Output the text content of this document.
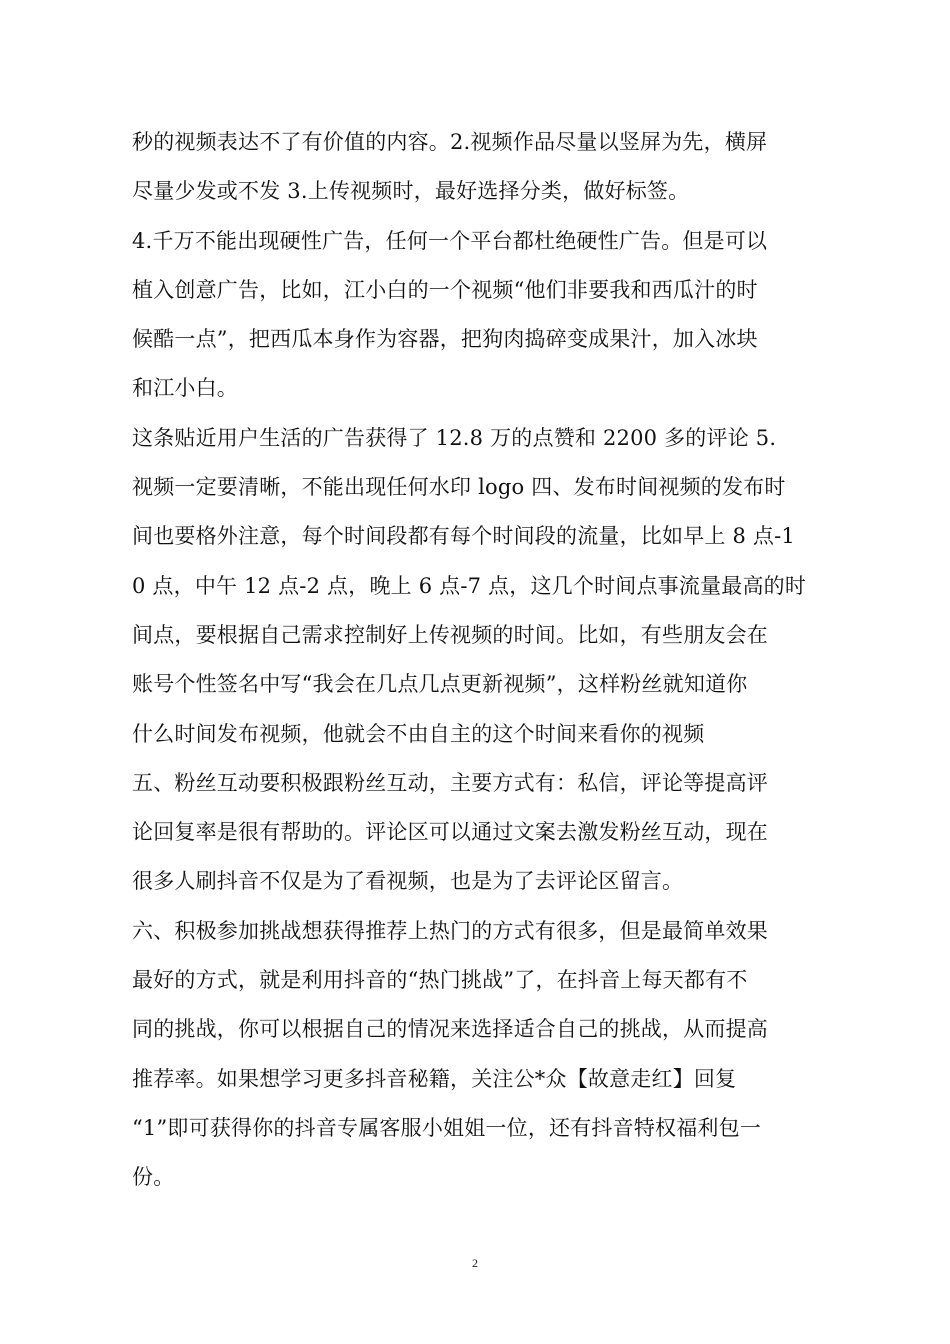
秒的视频表达不了有价值的内容。2.视频作品尽量以竖屏为先，横屏
尽量少发或不发 3.上传视频时，最好选择分类，做好标签。
4.千万不能出现硬性广告，任何一个平台都杜绝硬性广告。但是可以
植入创意广告，比如，江小白的一个视频“他们非要我和西瓜汁的时
候酷一点”，把西瓜本身作为容器，把狗肉捣碎变成果汁，加入冰块
和江小白。
这条贴近用户生活的广告获得了 12.8 万的点赞和 2200 多的评论 5.
视频一定要清晰，不能出现任何水印 logo 四、发布时间视频的发布时
间也要格外注意，每个时间段都有每个时间段的流量，比如早上 8 点-1
0 点，中午 12 点-2 点，晚上 6 点-7 点，这几个时间点事流量最高的时
间点，要根据自己需求控制好上传视频的时间。比如，有些朋友会在
账号个性签名中写“我会在几点几点更新视频”，这样粉丝就知道你
什么时间发布视频，他就会不由自主的这个时间来看你的视频
五、粉丝互动要积极跟粉丝互动，主要方式有：私信，评论等提高评
论回复率是很有帮助的。评论区可以通过文案去激发粉丝互动，现在
很多人刷抖音不仅是为了看视频，也是为了去评论区留言。
六、积极参加挑战想获得推荐上热门的方式有很多，但是最简单效果
最好的方式，就是利用抖音的“热门挑战”了，在抖音上每天都有不
同的挑战，你可以根据自己的情况来选择适合自己的挑战，从而提高
推荐率。如果想学习更多抖音秘籍，关注公*众【故意走红】回复
“1”即可获得你的抖音专属客服小姐姐一位，还有抖音特权福利包一
份。
2
